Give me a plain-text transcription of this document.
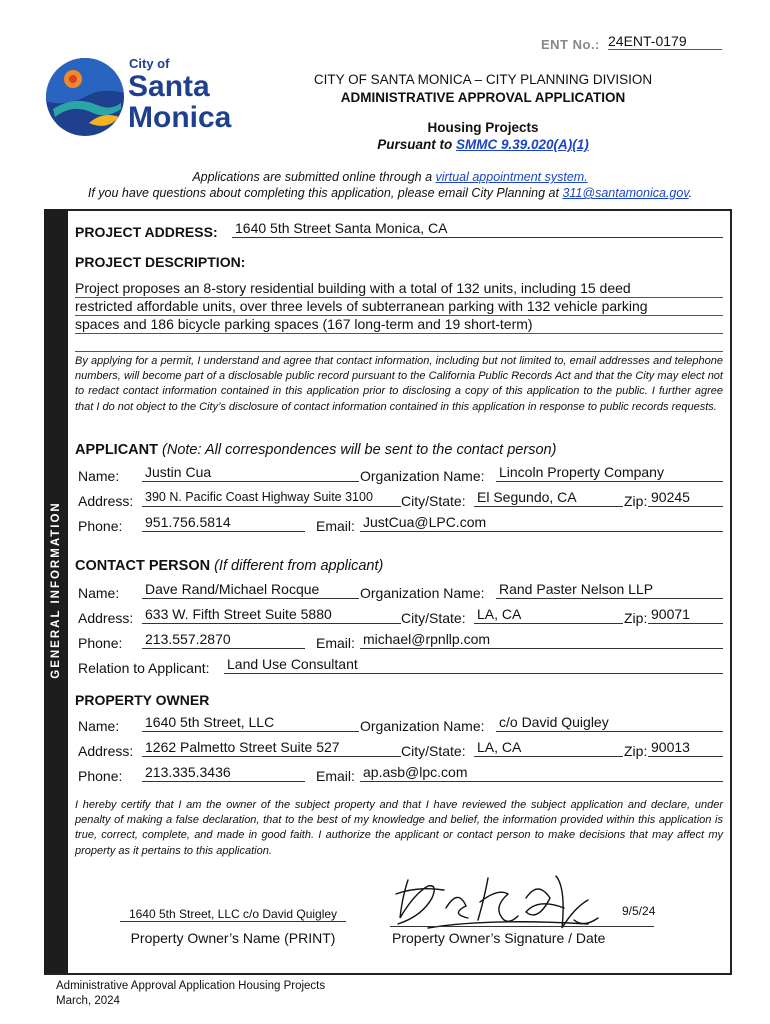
ENT No.: 24ENT-0179
City of
Santa
Monica
CITY OF SANTA MONICA – CITY PLANNING DIVISION
ADMINISTRATIVE APPROVAL APPLICATION
Housing Projects
Pursuant to SMMC 9.39.020(A)(1)
Applications are submitted online through a virtual appointment system.
If you have questions about completing this application, please email City Planning at 311@santamonica.gov.
GENERAL INFORMATION
PROJECT ADDRESS: 1640 5th Street Santa Monica, CA
PROJECT DESCRIPTION:
Project proposes an 8-story residential building with a total of 132 units, including 15 deed
restricted affordable units, over three levels of subterranean parking with 132 vehicle parking
spaces and 186 bicycle parking spaces (167 long-term and 19 short-term)
By applying for a permit, I understand and agree that contact information, including but not limited to, email addresses and telephone numbers, will become part of a disclosable public record pursuant to the California Public Records Act and that the City may elect not to redact contact information contained in this application prior to disclosing a copy of this application to the public. I further agree that I do not object to the City’s disclosure of contact information contained in this application in response to public records requests.
APPLICANT (Note: All correspondences will be sent to the contact person)
Name: Justin Cua	Organization Name: Lincoln Property Company
Address: 390 N. Pacific Coast Highway Suite 3100	City/State: El Segundo, CA	Zip: 90245
Phone: 951.756.5814	Email: JustCua@LPC.com
CONTACT PERSON (If different from applicant)
Name: Dave Rand/Michael Rocque	Organization Name: Rand Paster Nelson LLP
Address: 633 W. Fifth Street Suite 5880	City/State: LA, CA	Zip: 90071
Phone: 213.557.2870	Email: michael@rpnllp.com
Relation to Applicant: Land Use Consultant
PROPERTY OWNER
Name: 1640 5th Street, LLC	Organization Name: c/o David Quigley
Address: 1262 Palmetto Street Suite 527	City/State: LA, CA	Zip: 90013
Phone: 213.335.3436	Email: ap.asb@lpc.com
I hereby certify that I am the owner of the subject property and that I have reviewed the subject application and declare, under penalty of making a false declaration, that to the best of my knowledge and belief, the information provided within this application is true, correct, complete, and made in good faith. I authorize the applicant or contact person to make decisions that may affect my property as it pertains to this application.
1640 5th Street, LLC c/o David Quigley
Property Owner’s Name (PRINT)
9/5/24
Property Owner’s Signature / Date
Administrative Approval Application Housing Projects
March, 2024
